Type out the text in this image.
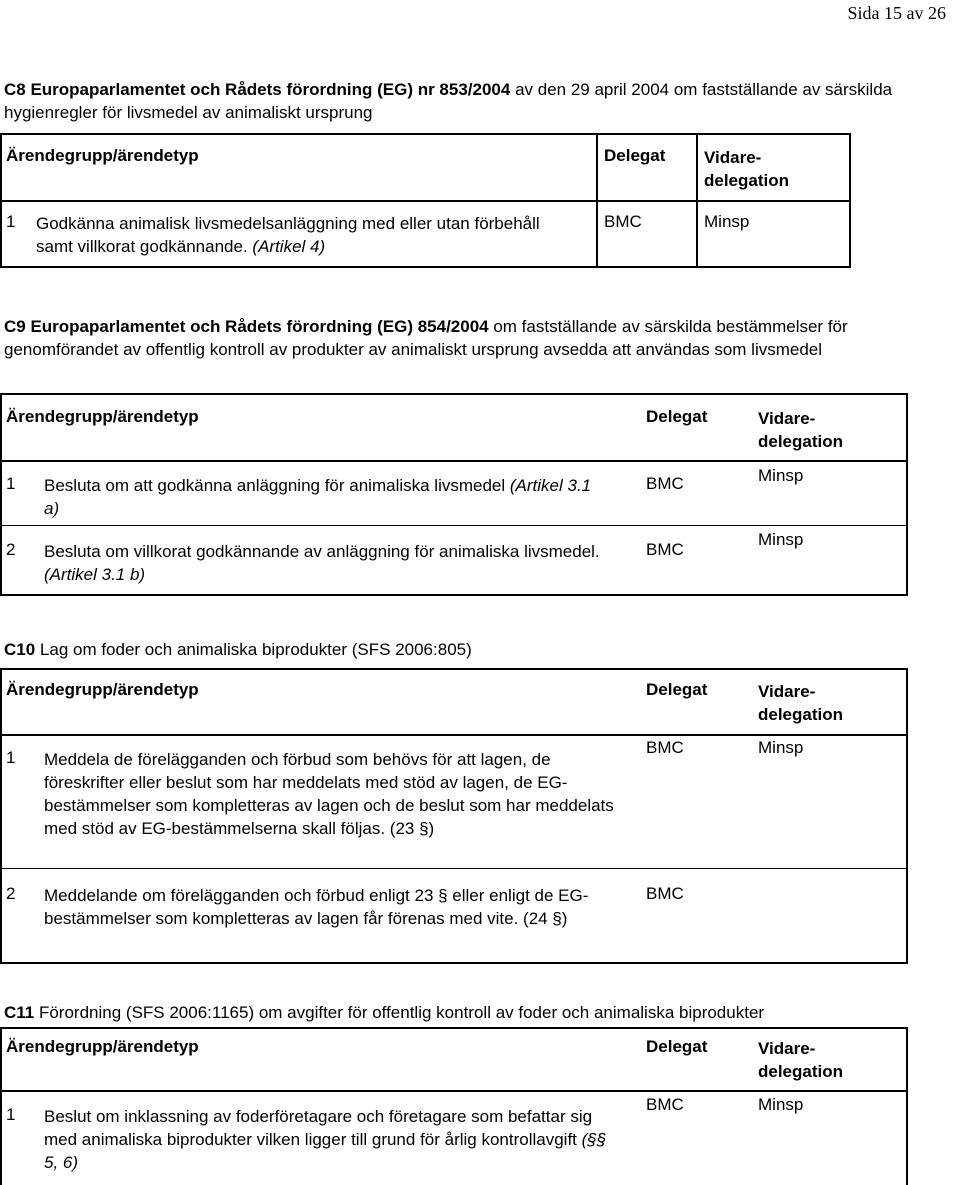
Sida 15 av 26
C8 Europaparlamentet och Rådets förordning (EG) nr 853/2004 av den 29 april 2004 om fastställande av särskilda hygienregler för livsmedel av animaliskt ursprung
Ärendegrupp/ärendetyp	Delegat Vidare-
delegation
1 Godkänna animalisk livsmedelsanläggning med eller utan förbehåll samt villkorat godkännande. (Artikel 4)
BMC	Minsp
C9 Europaparlamentet och Rådets förordning (EG) 854/2004 om fastställande av särskilda bestämmelser för genomförandet av offentlig kontroll av produkter av animaliskt ursprung avsedda att användas som livsmedel
Ärendegrupp/ärendetyp	Delegat	Vidare-
delegation
1 Besluta om att godkänna anläggning för animaliska livsmedel (Artikel 3.1 a)
BMC	Minsp
2 Besluta om villkorat godkännande av anläggning för animaliska livsmedel. (Artikel 3.1 b)
BMC
Minsp
C10 Lag om foder och animaliska biprodukter (SFS 2006:805)
Ärendegrupp/ärendetyp	Delegat	Vidare-
delegation
1 Meddela de förelägganden och förbud som behövs för att lagen, de föreskrifter eller beslut som har meddelats med stöd av lagen, de EG-bestämmelser som kompletteras av lagen och de beslut som har meddelats med stöd av EG-bestämmelserna skall följas. (23 §)
BMC	Minsp
2 Meddelande om förelägganden och förbud enligt 23 § eller enligt de EG-bestämmelser som kompletteras av lagen får förenas med vite. (24 §)
BMC
C11 Förordning (SFS 2006:1165) om avgifter för offentlig kontroll av foder och animaliska biprodukter
Ärendegrupp/ärendetyp	Delegat	Vidare-
delegation
1 Beslut om inklassning av foderföretagare och företagare som befattar sig med animaliska biprodukter vilken ligger till grund för årlig kontrollavgift (§§ 5, 6)
BMC	Minsp
